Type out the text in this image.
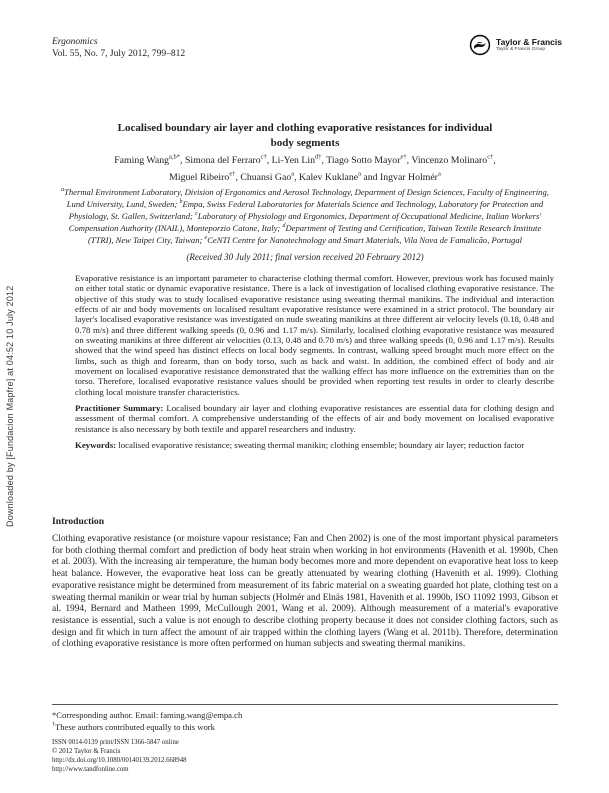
Downloaded by [Fundacion Mapfre] at 04:52 10 July 2012
Ergonomics
Vol. 55, No. 7, July 2012, 799–812
Taylor & Francis
Taylor & Francis Group
Localised boundary air layer and clothing evaporative resistances for individual
body segments
Faming Wang$^{a,b*}$, Simona del Ferraro$^{c\dagger}$, Li-Yen Lin$^{d\dagger}$, Tiago Sotto Mayor$^{e\dagger}$, Vincenzo Molinaro$^{c\dagger}$,
Miguel Ribeiro$^{e\dagger}$, Chuansi Gao$^a$, Kalev Kuklane$^a$ and Ingvar Holmér$^a$
$^a$Thermal Environment Laboratory, Division of Ergonomics and Aerosol Technology, Department of Design Sciences, Faculty of Engineering, Lund University, Lund, Sweden; $^b$Empa, Swiss Federal Laboratories for Materials Science and Technology, Laboratory for Protection and Physiology, St. Gallen, Switzerland; $^c$Laboratory of Physiology and Ergonomics, Department of Occupational Medicine, Italian Workers' Compensation Authority (INAIL), Monteporzio Catone, Italy; $^d$Department of Testing and Certification, Taiwan Textile Research Institute (TTRI), New Taipei City, Taiwan; $^e$CeNTI Centre for Nanotechnology and Smart Materials, Vila Nova de Famalicão, Portugal
(Received 30 July 2011; final version received 20 February 2012)

Evaporative resistance is an important parameter to characterise clothing thermal comfort. However, previous work has focused mainly on either total static or dynamic evaporative resistance. There is a lack of investigation of localised clothing evaporative resistance. The objective of this study was to study localised evaporative resistance using sweating thermal manikins. The individual and interaction effects of air and body movements on localised resultant evaporative resistance were examined in a strict protocol. The boundary air layer's localised evaporative resistance was investigated on nude sweating manikins at three different air velocity levels (0.18, 0.48 and 0.78 m/s) and three different walking speeds (0, 0.96 and 1.17 m/s). Similarly, localised clothing evaporative resistance was measured on sweating manikins at three different air velocities (0.13, 0.48 and 0.70 m/s) and three walking speeds (0, 0.96 and 1.17 m/s). Results showed that the wind speed has distinct effects on local body segments. In contrast, walking speed brought much more effect on the limbs, such as thigh and forearm, than on body torso, such as back and waist. In addition, the combined effect of body and air movement on localised evaporative resistance demonstrated that the walking effect has more influence on the extremities than on the torso. Therefore, localised evaporative resistance values should be provided when reporting test results in order to clearly describe clothing local moisture transfer characteristics.

Practitioner Summary: Localised boundary air layer and clothing evaporative resistances are essential data for clothing design and assessment of thermal comfort. A comprehensive understanding of the effects of air and body movement on localised evaporative resistance is also necessary by both textile and apparel researchers and industry.

Keywords: localised evaporative resistance; sweating thermal manikin; clothing ensemble; boundary air layer; reduction factor

Introduction

Clothing evaporative resistance (or moisture vapour resistance; Fan and Chen 2002) is one of the most important physical parameters for both clothing thermal comfort and prediction of body heat strain when working in hot environments (Havenith et al. 1990b, Chen et al. 2003). With the increasing air temperature, the human body becomes more and more dependent on evaporative heat loss to keep heat balance. However, the evaporative heat loss can be greatly attenuated by wearing clothing (Havenith et al. 1999). Clothing evaporative resistance might be determined from measurement of its fabric material on a sweating guarded hot plate, clothing test on a sweating thermal manikin or wear trial by human subjects (Holmér and Elnäs 1981, Havenith et al. 1990b, ISO 11092 1993, Gibson et al. 1994, Bernard and Matheen 1999, McCullough 2001, Wang et al. 2009). Although measurement of a material's evaporative resistance is essential, such a value is not enough to describe clothing property because it does not consider clothing factors, such as design and fit which in turn affect the amount of air trapped within the clothing layers (Wang et al. 2011b). Therefore, determination of clothing evaporative resistance is more often performed on human subjects and sweating thermal manikins.

*Corresponding author. Email: faming.wang@empa.ch
†These authors contributed equally to this work
ISSN 0014-0139 print/ISSN 1366-5847 online
© 2012 Taylor & Francis
http://dx.doi.org/10.1080/00140139.2012.668948
http://www.tandfonline.com
